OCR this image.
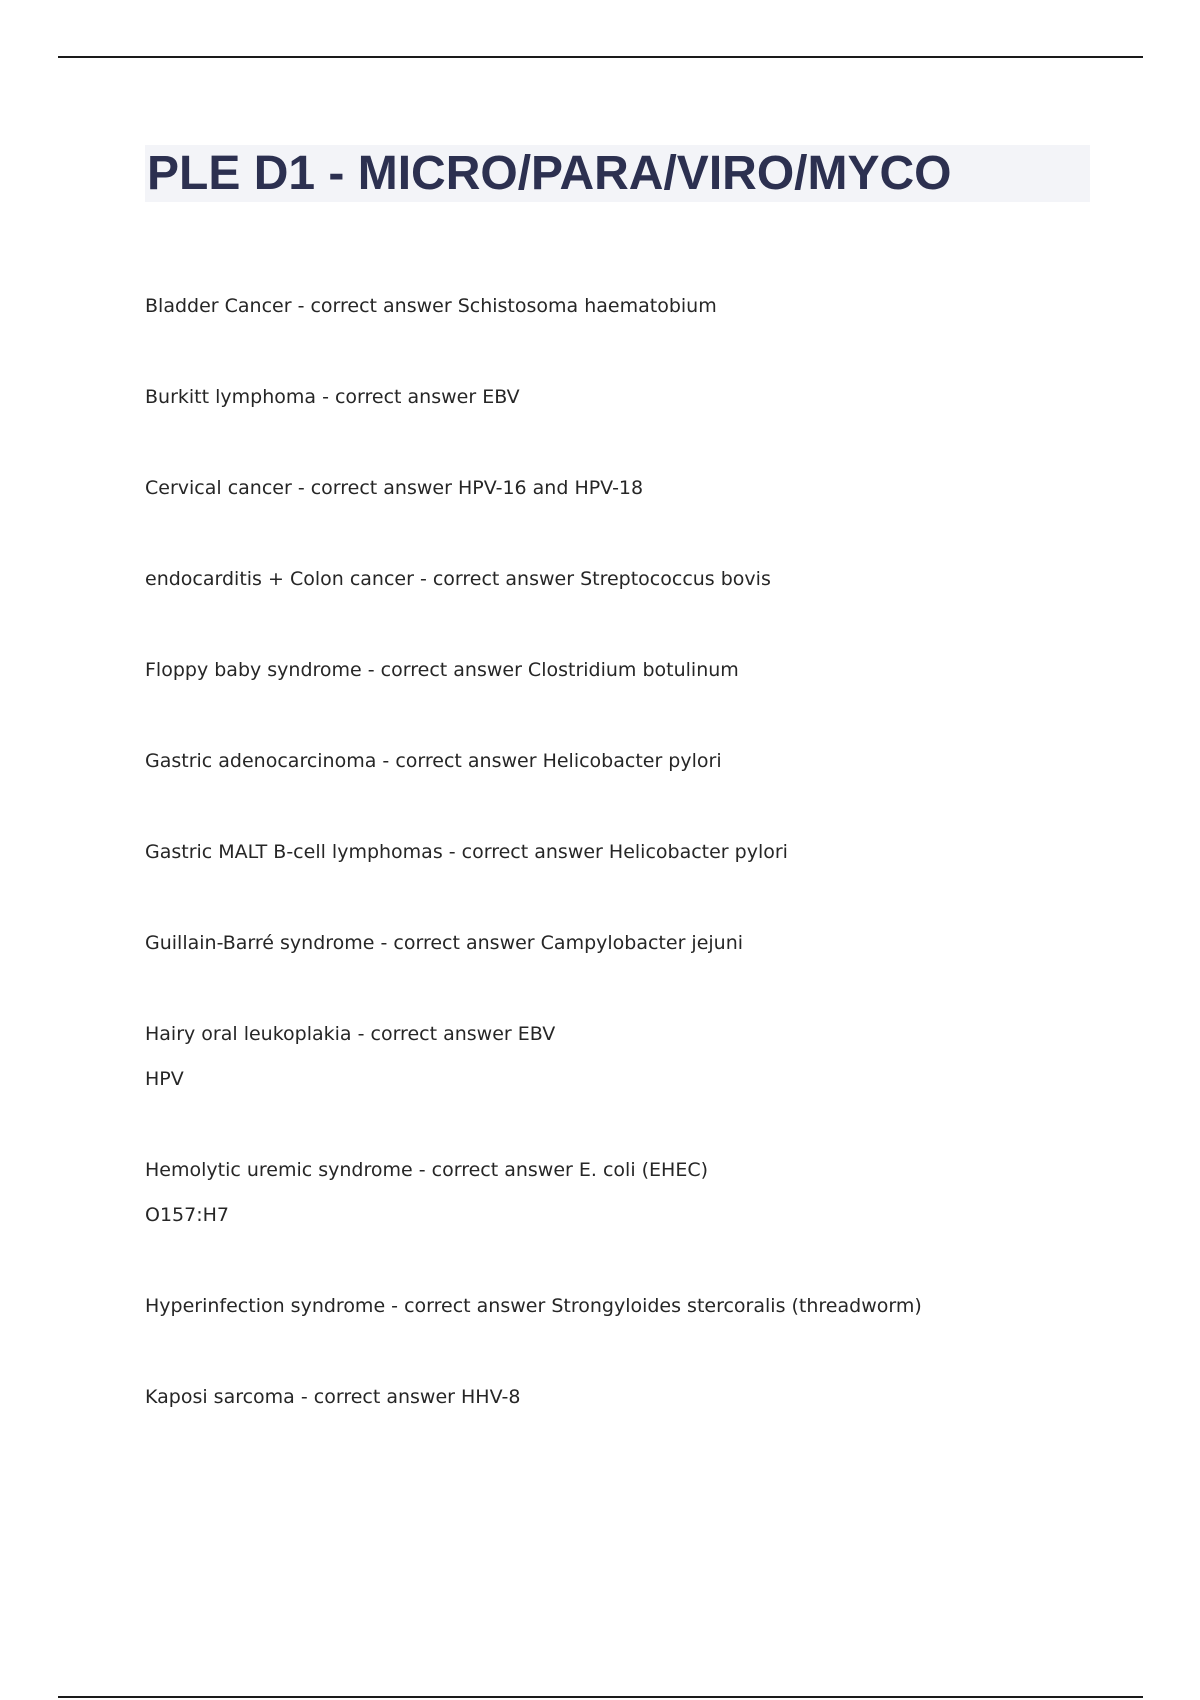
PLE D1 - MICRO/PARA/VIRO/MYCO
Bladder Cancer - correct answer Schistosoma haematobium
Burkitt lymphoma - correct answer EBV
Cervical cancer - correct answer HPV-16 and HPV-18
endocarditis + Colon cancer - correct answer Streptococcus bovis
Floppy baby syndrome - correct answer Clostridium botulinum
Gastric adenocarcinoma - correct answer Helicobacter pylori
Gastric MALT B-cell lymphomas - correct answer Helicobacter pylori
Guillain-Barré syndrome - correct answer Campylobacter jejuni
Hairy oral leukoplakia - correct answer EBV
HPV
Hemolytic uremic syndrome - correct answer E. coli (EHEC)
O157:H7
Hyperinfection syndrome - correct answer Strongyloides stercoralis (threadworm)
Kaposi sarcoma - correct answer HHV-8
